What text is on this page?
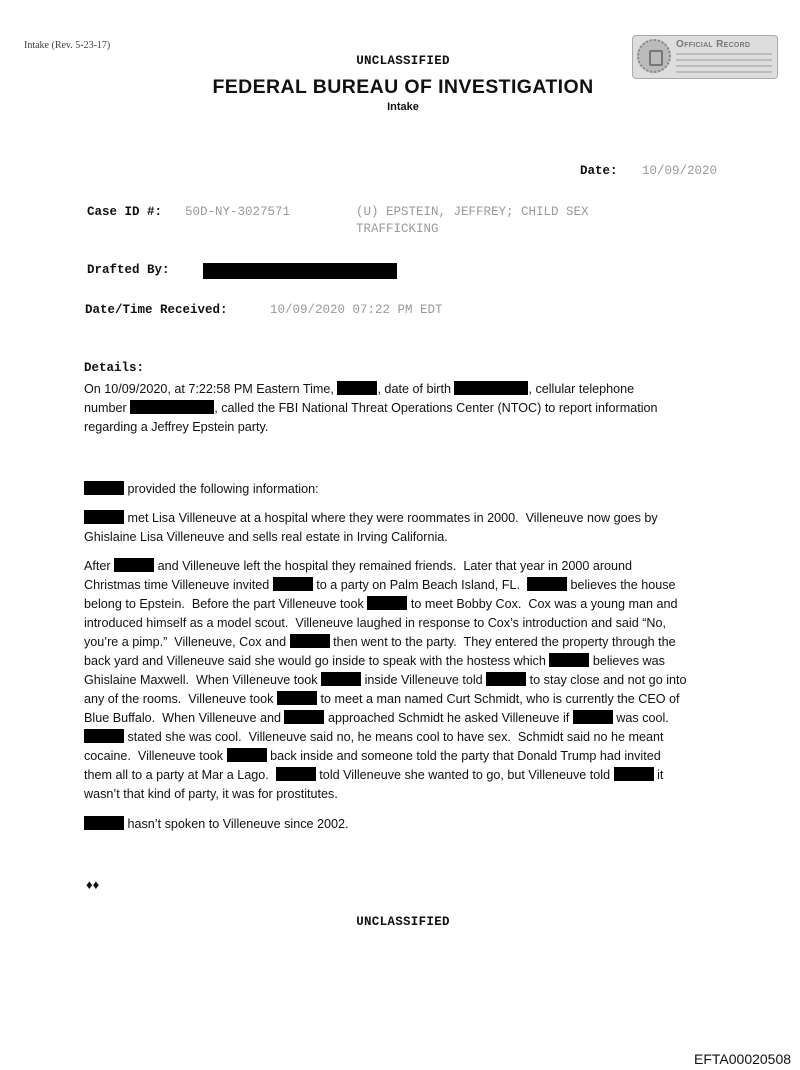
Intake (Rev. 5-23-17)
UNCLASSIFIED
Official Record
FEDERAL BUREAU OF INVESTIGATION
Intake
Date: 10/09/2020
Case ID #: 50D-NY-3027571	(U) EPSTEIN, JEFFREY; CHILD SEX
TRAFFICKING
Drafted By:
Date/Time Received:	10/09/2020 07:22 PM EDT
Details:
On 10/09/2020, at 7:22:58 PM Eastern Time,	, date of birth	, cellular telephone
number	, called the FBI National Threat Operations Center (NTOC) to report information
regarding a Jeffrey Epstein party.
provided the following information:
met Lisa Villeneuve at a hospital where they were roommates in 2000.  Villeneuve now goes by
Ghislaine Lisa Villeneuve and sells real estate in Irving California.
After	and Villeneuve left the hospital they remained friends.  Later that year in 2000 around
Christmas time Villeneuve invited	to a party on Palm Beach Island, FL.	believes the house
belong to Epstein.  Before the part Villeneuve took	to meet Bobby Cox.  Cox was a young man and
introduced himself as a model scout.  Villeneuve laughed in response to Cox’s introduction and said “No,
you’re a pimp.”  Villeneuve, Cox and	then went to the party.  They entered the property through the
back yard and Villeneuve said she would go inside to speak with the hostess which	believes was
Ghislaine Maxwell.  When Villeneuve took	inside Villeneuve told	to stay close and not go into
any of the rooms.  Villeneuve took	to meet a man named Curt Schmidt, who is currently the CEO of
Blue Buffalo.  When Villeneuve and	approached Schmidt he asked Villeneuve if	was cool.
stated she was cool.  Villeneuve said no, he means cool to have sex.  Schmidt said no he meant
cocaine.  Villeneuve took	back inside and someone told the party that Donald Trump had invited
them all to a party at Mar a Lago.	told Villeneuve she wanted to go, but Villeneuve told	it
wasn’t that kind of party, it was for prostitutes.
hasn’t spoken to Villeneuve since 2002.
♦♦
UNCLASSIFIED
EFTA00020508
